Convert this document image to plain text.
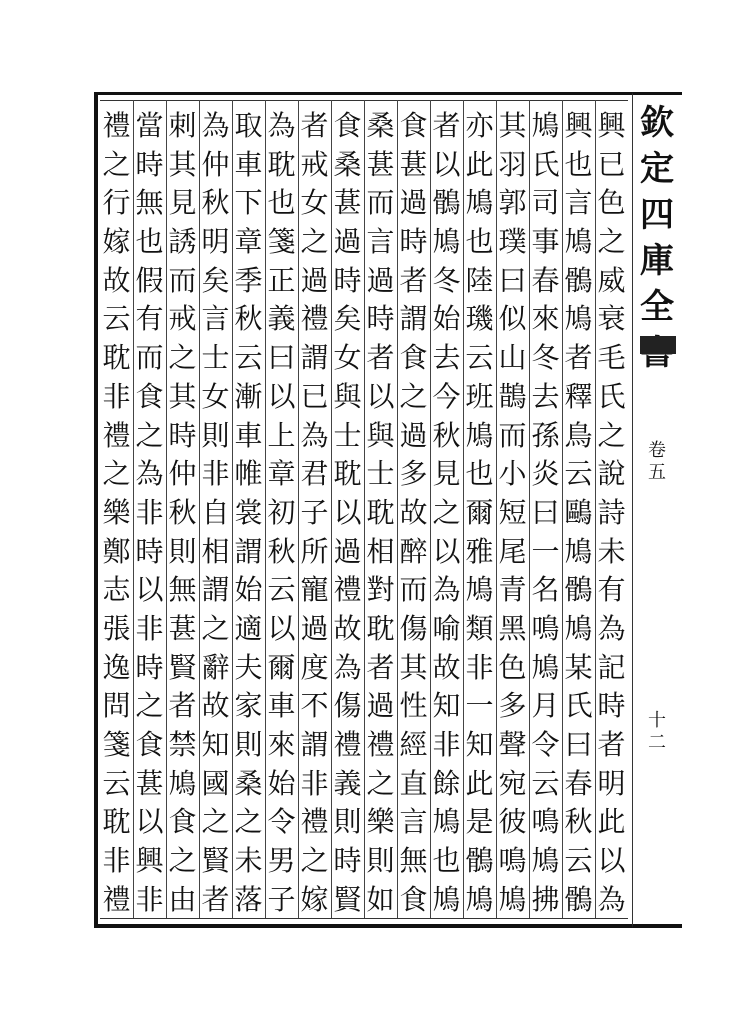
欽
定
四
庫
全
卷
五
十
二
興
已
色
之
威
衰
毛
氏
之
說
詩
未
有
為
記
時
者
明
此
以
為
興
也
言
鳩
鶻
鳩
者
釋
鳥
云
鷗
鳩
鶻
鳩
某
氏
曰
春
秋
云
鶻
鳩
氏
司
事
春
來
冬
去
孫
炎
曰
一
名
鳴
鳩
月
令
云
鳴
鳩
拂
其
羽
郭
璞
曰
似
山
鵲
而
小
短
尾
青
黑
色
多
聲
宛
彼
鳴
鳩
亦
此
鳩
也
陸
璣
云
班
鳩
也
爾
雅
鳩
類
非
一
知
此
是
鶻
鳩
者
以
鶻
鳩
冬
始
去
今
秋
見
之
以
為
喻
故
知
非
餘
鳩
也
鳩
食
葚
過
時
者
謂
食
之
過
多
故
醉
而
傷
其
性
經
直
言
無
食
桑
葚
而
言
過
時
者
以
與
士
耽
相
對
耽
者
過
禮
之
樂
則
如
食
桑
葚
過
時
矣
女
與
士
耽
以
過
禮
故
為
傷
禮
義
則
時
賢
者
戒
女
之
過
禮
謂
已
為
君
子
所
寵
過
度
不
謂
非
禮
之
嫁
為
耽
也
箋
正
義
曰
以
上
章
初
秋
云
以
爾
車
來
始
令
男
子
取
車
下
章
季
秋
云
漸
車
帷
裳
謂
始
適
夫
家
則
桑
之
未
落
為
仲
秋
明
矣
言
士
女
則
非
自
相
謂
之
辭
故
知
國
之
賢
者
刺
其
見
誘
而
戒
之
其
時
仲
秋
則
無
葚
賢
者
禁
鳩
食
之
由
當
時
無
也
假
有
而
食
之
為
非
時
以
非
時
之
食
葚
以
興
非
禮
之
行
嫁
故
云
耽
非
禮
之
樂
鄭
志
張
逸
問
箋
云
耽
非
禮
